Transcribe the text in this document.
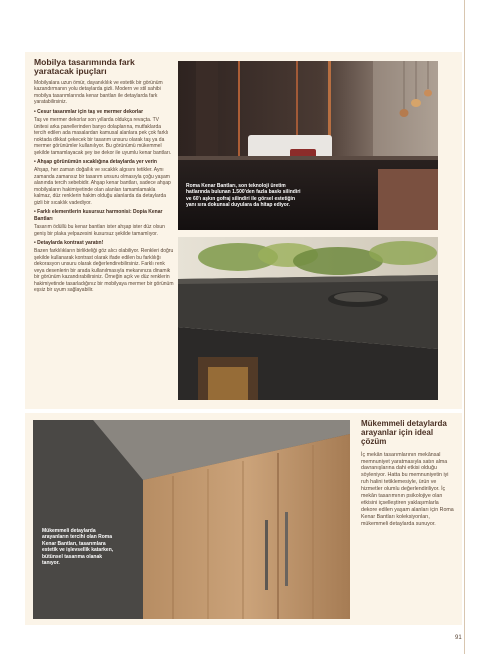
Mobilya tasarımında fark yaratacak ipuçları
Mobilyalara uzun ömür, dayanıklılık ve estetik bir görünüm kazandırmanın yolu detaylarda gizli. Modern ve stil sahibi mobilya tasarımlarında kenar bantları ile detaylarda fark yaratabilirsiniz.
• Cesur tasarımlar için taş ve mermer dekorlar
Taş ve mermer dekorlar son yıllarda oldukça revaçta. TV ünitesi arka panellerinden banyo dolaplarına, mutfaklarda tercih edilen ada masalardan kamusal alanlara pek çok farklı noktada dikkat çekecek bir tasarım unsuru olarak taş ya da mermer görünümler kullanılıyor. Bu görünümü mükemmel şekilde tamamlayacak şey ise dekor ile uyumlu kenar bantları.
• Ahşap görünümün sıcaklığına detaylarda yer verin
Ahşap, her zaman doğallık ve sıcaklık algısını tetikler. Aynı zamanda zamansız bir tasarım unsuru olmasıyla çoğu yaşam alanında tercih sebebidir. Ahşap kenar bantları, sadece ahşap mobilyaların hakimiyetinde olan alanları tamamlamakla kalmaz, düz renklerin hakim olduğu alanlarda da detaylarda gizli bir sıcaklık vadediyor.
• Farklı elementlerin kusursuz harmonisi: Dopia Kenar Bantları
Tasarım ödüllü bu kenar bantları ister ahşap ister düz olsun geniş bir plaka yelpazesini kusursuz şekilde tamamlıyor.
• Detaylarda kontrast yaratın!
Bazen farklılıkların birlikteliği göz alıcı olabiliyor. Renkleri doğru şekilde kullanarak kontrast olarak ifade edilen bu farklılığı dekorasyon unsuru olarak değerlendirebilirsiniz. Farklı renk veya desenlerin bir arada kullanılmasıyla mekanınıza dinamik bir görünüm kazandırabilirsiniz. Örneğin açık ve düz renklerin hakimiyetinde tasarladığınız bir mobilyaya mermer bir görünüm eşsiz bir uyum sağlayabilir.
Roma Kenar Bantları, son teknoloji üretim hatlarında bulunan 1.500'den fazla baskı silindiri ve 60'ı aşkın gofraj silindiri ile görsel estetiğin yanı sıra dokunsal duyulara da hitap ediyor.
Mükemmeli detaylarda arayanların tercihi olan Roma Kenar Bantları, tasarımlara estetik ve işlevsellik katarken, bütünsel tasarıma olanak tanıyor.
Mükemmeli detaylarda arayanlar için ideal çözüm
İç mekân tasarımlarının mekânsal memnuniyet yaratmasıyla satın alma davranışlarına dahi etkisi olduğu söyleniyor. Hatta bu memnuniyetin iyi ruh halini tetiklemesiyle, ürün ve hizmetler olumlu değerlendiriliyor. İç mekân tasarımının psikolojiye olan etkisini içselleştiren yaklaşımlarla dekore edilen yaşam alanları için Roma Kenar Bantları koleksiyonları, mükemmeli detaylarda sunuyor.
91
